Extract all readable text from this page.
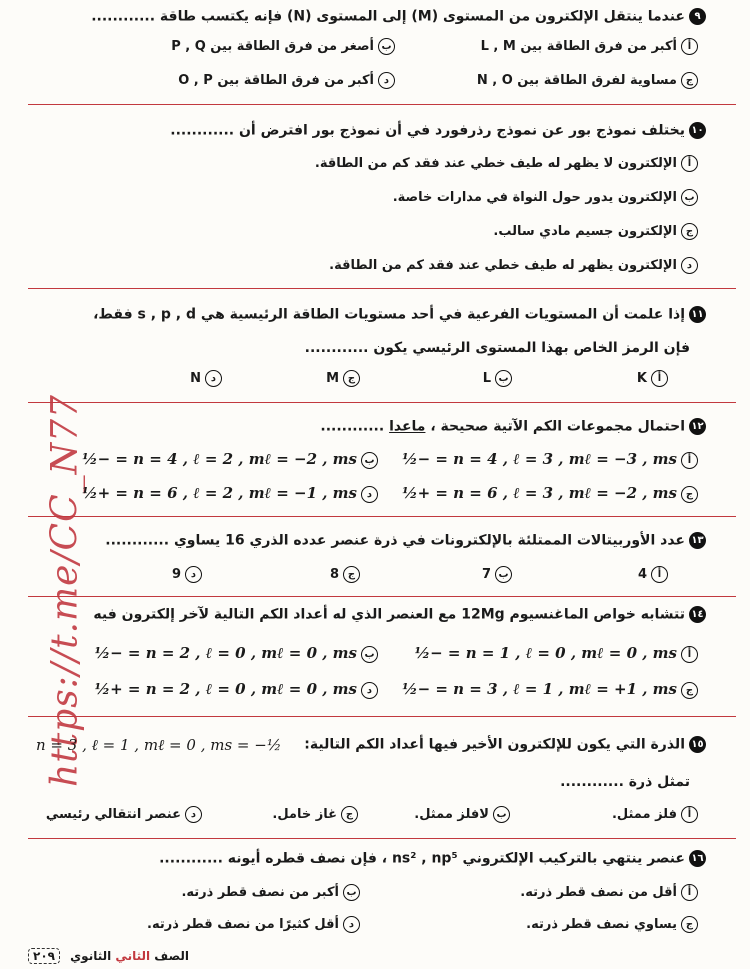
https://t.me/CC_N77
٩عندما ينتقل الإلكترون من المستوى (M) إلى المستوى (N) فإنه يكتسب طاقة ............
أأكبر من فرق الطاقة بين L , M
بأصغر من فرق الطاقة بين P , Q
جمساوية لفرق الطاقة بين N , O
دأكبر من فرق الطاقة بين O , P
١٠يختلف نموذج بور عن نموذج رذرفورد في أن نموذج بور افترض أن ............
أالإلكترون لا يظهر له طيف خطي عند فقد كم من الطاقة.
بالإلكترون يدور حول النواة في مدارات خاصة.
جالإلكترون جسيم مادي سالب.
دالإلكترون يظهر له طيف خطي عند فقد كم من الطاقة.
١١إذا علمت أن المستويات الفرعية في أحد مستويات الطاقة الرئيسية هي s , p , d فقط،
فإن الرمز الخاص بهذا المستوى الرئيسي يكون ............
أK
بL
جM
دN
١٢احتمال مجموعات الكم الآتية صحيحة ، ماعدا ............
أn = 4 , ℓ = 3 , mℓ = −3 , ms = −½
بn = 4 , ℓ = 2 , mℓ = −2 , ms = −½
جn = 6 , ℓ = 3 , mℓ = −2 , ms = +½
دn = 6 , ℓ = 2 , mℓ = −1 , ms = +½
١٣عدد الأوربيتالات الممتلئة بالإلكترونات في ذرة عنصر عدده الذري 16 يساوي ............
أ4
ب7
ج8
د9
١٤تتشابه خواص الماغنسيوم 12Mg مع العنصر الذي له أعداد الكم التالية لآخر إلكترون فيه
أn = 1 , ℓ = 0 , mℓ = 0 , ms = −½
بn = 2 , ℓ = 0 , mℓ = 0 , ms = −½
جn = 3 , ℓ = 1 , mℓ = +1 , ms = −½
دn = 2 , ℓ = 0 , mℓ = 0 , ms = +½
١٥الذرة التي يكون للإلكترون الأخير فيها أعداد الكم التالية:
n = 3 , ℓ = 1 , mℓ = 0 , ms = −½
تمثل ذرة ............
أفلز ممثل.
بلافلز ممثل.
جغاز خامل.
دعنصر انتقالي رئيسي
١٦عنصر ينتهي بالتركيب الإلكتروني ns² , np⁵ ، فإن نصف قطره أيونه ............
أأقل من نصف قطر ذرته.
بأكبر من نصف قطر ذرته.
جيساوي نصف قطر ذرته.
دأقل كثيرًا من نصف قطر ذرته.
الصف الثاني الثانوي ٢٠٩
